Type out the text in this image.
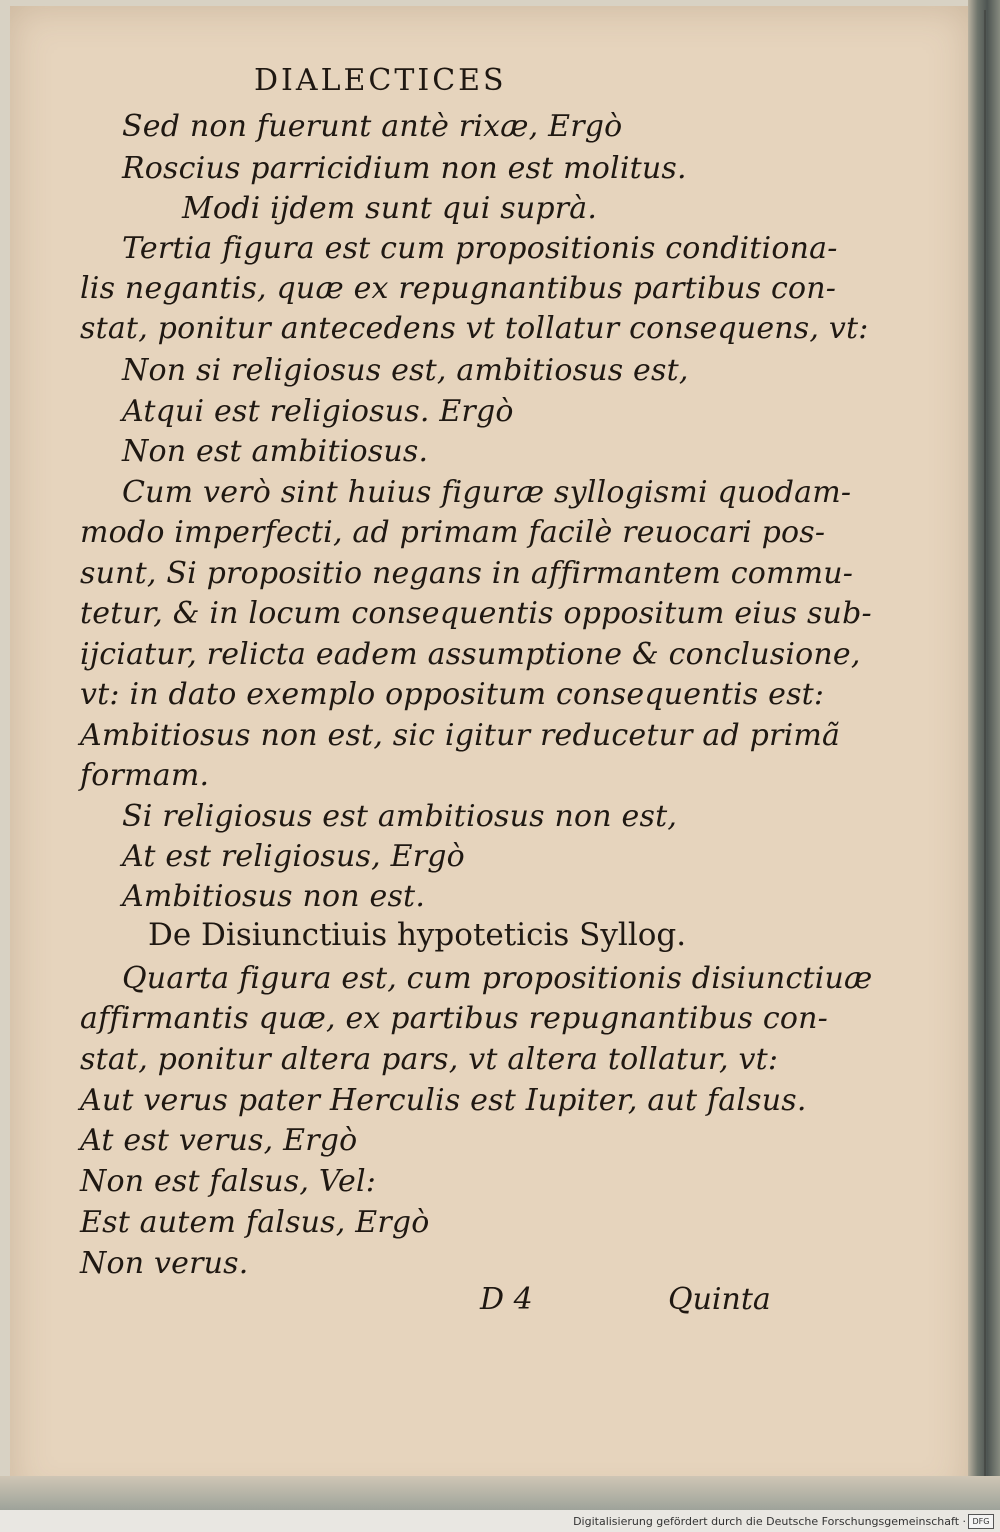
DIALECTICES
Sed non fuerunt antè rixæ, Ergò
Roscius parricidium non est molitus.
Modi ijdem sunt qui suprà.
Tertia figura est cum propositionis conditiona-
lis negantis, quæ ex repugnantibus partibus con-
stat, ponitur antecedens vt tollatur consequens, vt:
Non si religiosus est, ambitiosus est,
Atqui est religiosus. Ergò
Non est ambitiosus.
Cum verò sint huius figuræ syllogismi quodam-
modo imperfecti, ad primam facilè reuocari pos-
sunt, Si propositio negans in affirmantem commu-
tetur, & in locum consequentis oppositum eius sub-
ijciatur, relicta eadem assumptione & conclusione,
vt: in dato exemplo oppositum consequentis est:
Ambitiosus non est, sic igitur reducetur ad primã
formam.
Si religiosus est ambitiosus non est,
At est religiosus, Ergò
Ambitiosus non est.
De Disiunctiuis hypoteticis Syllog.
Quarta figura est, cum propositionis disiunctiuæ
affirmantis quæ, ex partibus repugnantibus con-
stat, ponitur altera pars, vt altera tollatur, vt:
Aut verus pater Herculis est Iupiter, aut falsus.
At est verus, Ergò
Non est falsus, Vel:
Est autem falsus, Ergò
Non verus.
D 4	Quinta
Digitalisierung gefördert durch die Deutsche Forschungsgemeinschaft · DFG
